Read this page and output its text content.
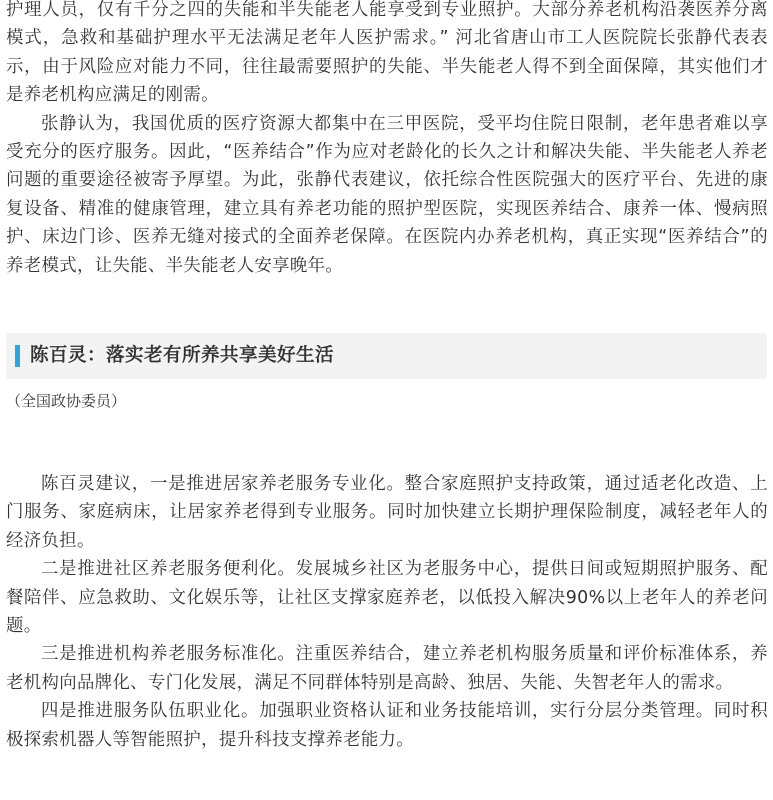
护理人员，仅有千分之四的失能和半失能老人能享受到专业照护。大部分养老机构沿袭医养分离模式，急救和基础护理水平无法满足老年人医护需求。” 河北省唐山市工人医院院长张静代表表示，由于风险应对能力不同，往往最需要照护的失能、半失能老人得不到全面保障，其实他们才是养老机构应满足的刚需。

张静认为，我国优质的医疗资源大都集中在三甲医院，受平均住院日限制，老年患者难以享受充分的医疗服务。因此，“医养结合”作为应对老龄化的长久之计和解决失能、半失能老人养老问题的重要途径被寄予厚望。为此，张静代表建议，依托综合性医院强大的医疗平台、先进的康复设备、精准的健康管理，建立具有养老功能的照护型医院，实现医养结合、康养一体、慢病照护、床边门诊、医养无缝对接式的全面养老保障。在医院内办养老机构，真正实现“医养结合”的养老模式，让失能、半失能老人安享晚年。

陈百灵：落实老有所养共享美好生活
（全国政协委员）

陈百灵建议，一是推进居家养老服务专业化。整合家庭照护支持政策，通过适老化改造、上门服务、家庭病床，让居家养老得到专业服务。同时加快建立长期护理保险制度，减轻老年人的经济负担。

二是推进社区养老服务便利化。发展城乡社区为老服务中心，提供日间或短期照护服务、配餐陪伴、应急救助、文化娱乐等，让社区支撑家庭养老，以低投入解决90%以上老年人的养老问题。

三是推进机构养老服务标准化。注重医养结合，建立养老机构服务质量和评价标准体系，养老机构向品牌化、专门化发展，满足不同群体特别是高龄、独居、失能、失智老年人的需求。

四是推进服务队伍职业化。加强职业资格认证和业务技能培训，实行分层分类管理。同时积极探索机器人等智能照护，提升科技支撑养老能力。
